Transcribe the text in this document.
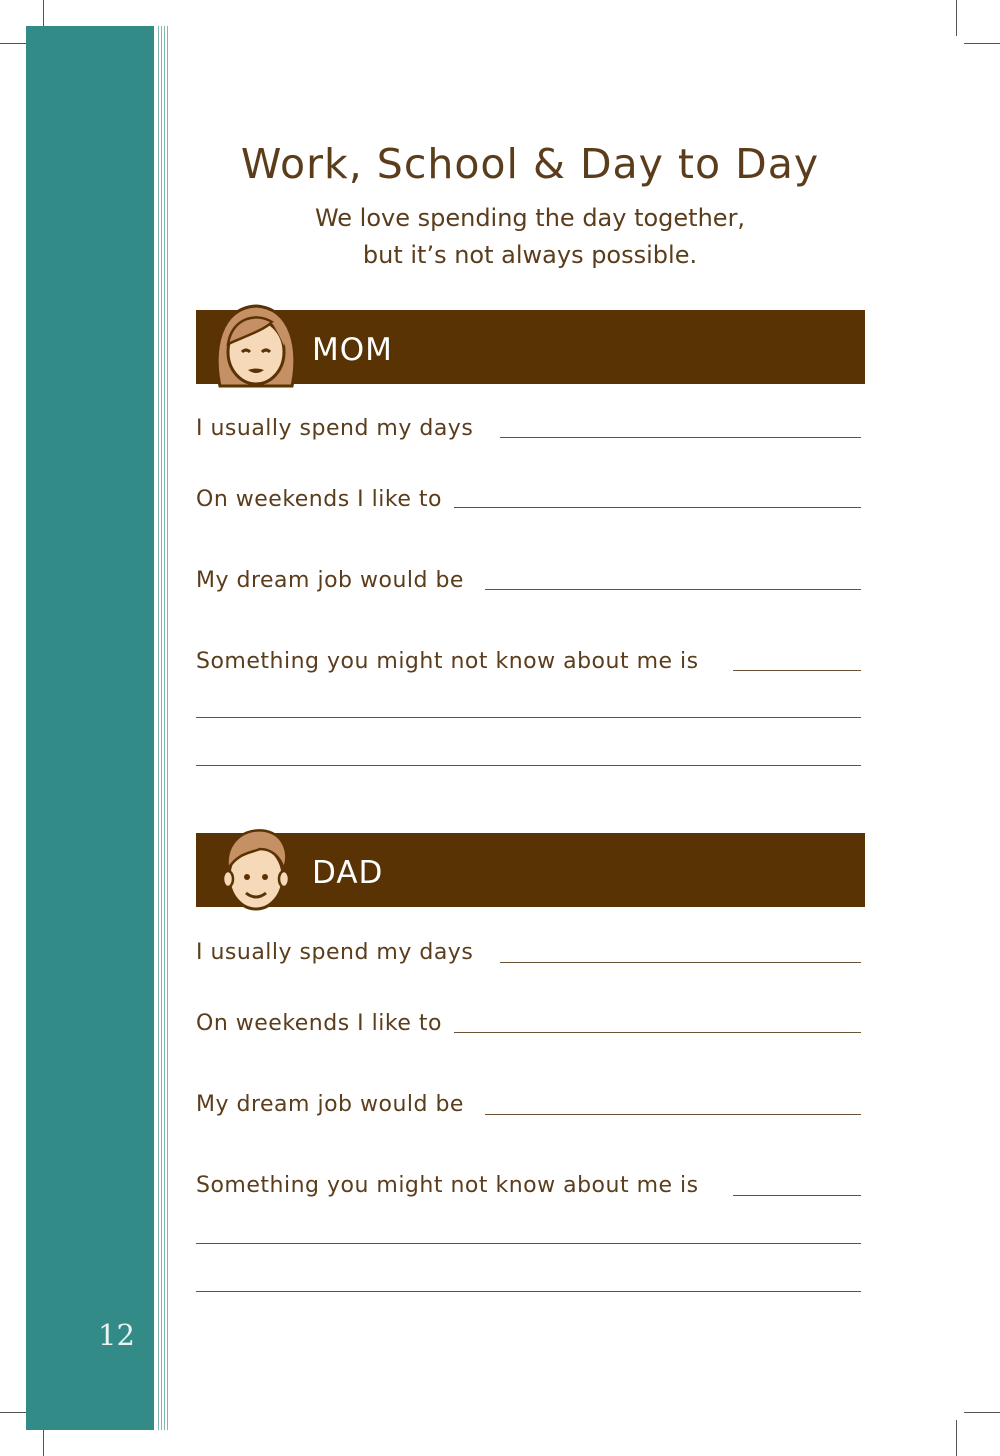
12
Work, School & Day to Day
We love spending the day together,
but it’s not always possible.
MOM
I usually spend my days
On weekends I like to
My dream job would be
Something you might not know about me is
DAD
I usually spend my days
On weekends I like to
My dream job would be
Something you might not know about me is
